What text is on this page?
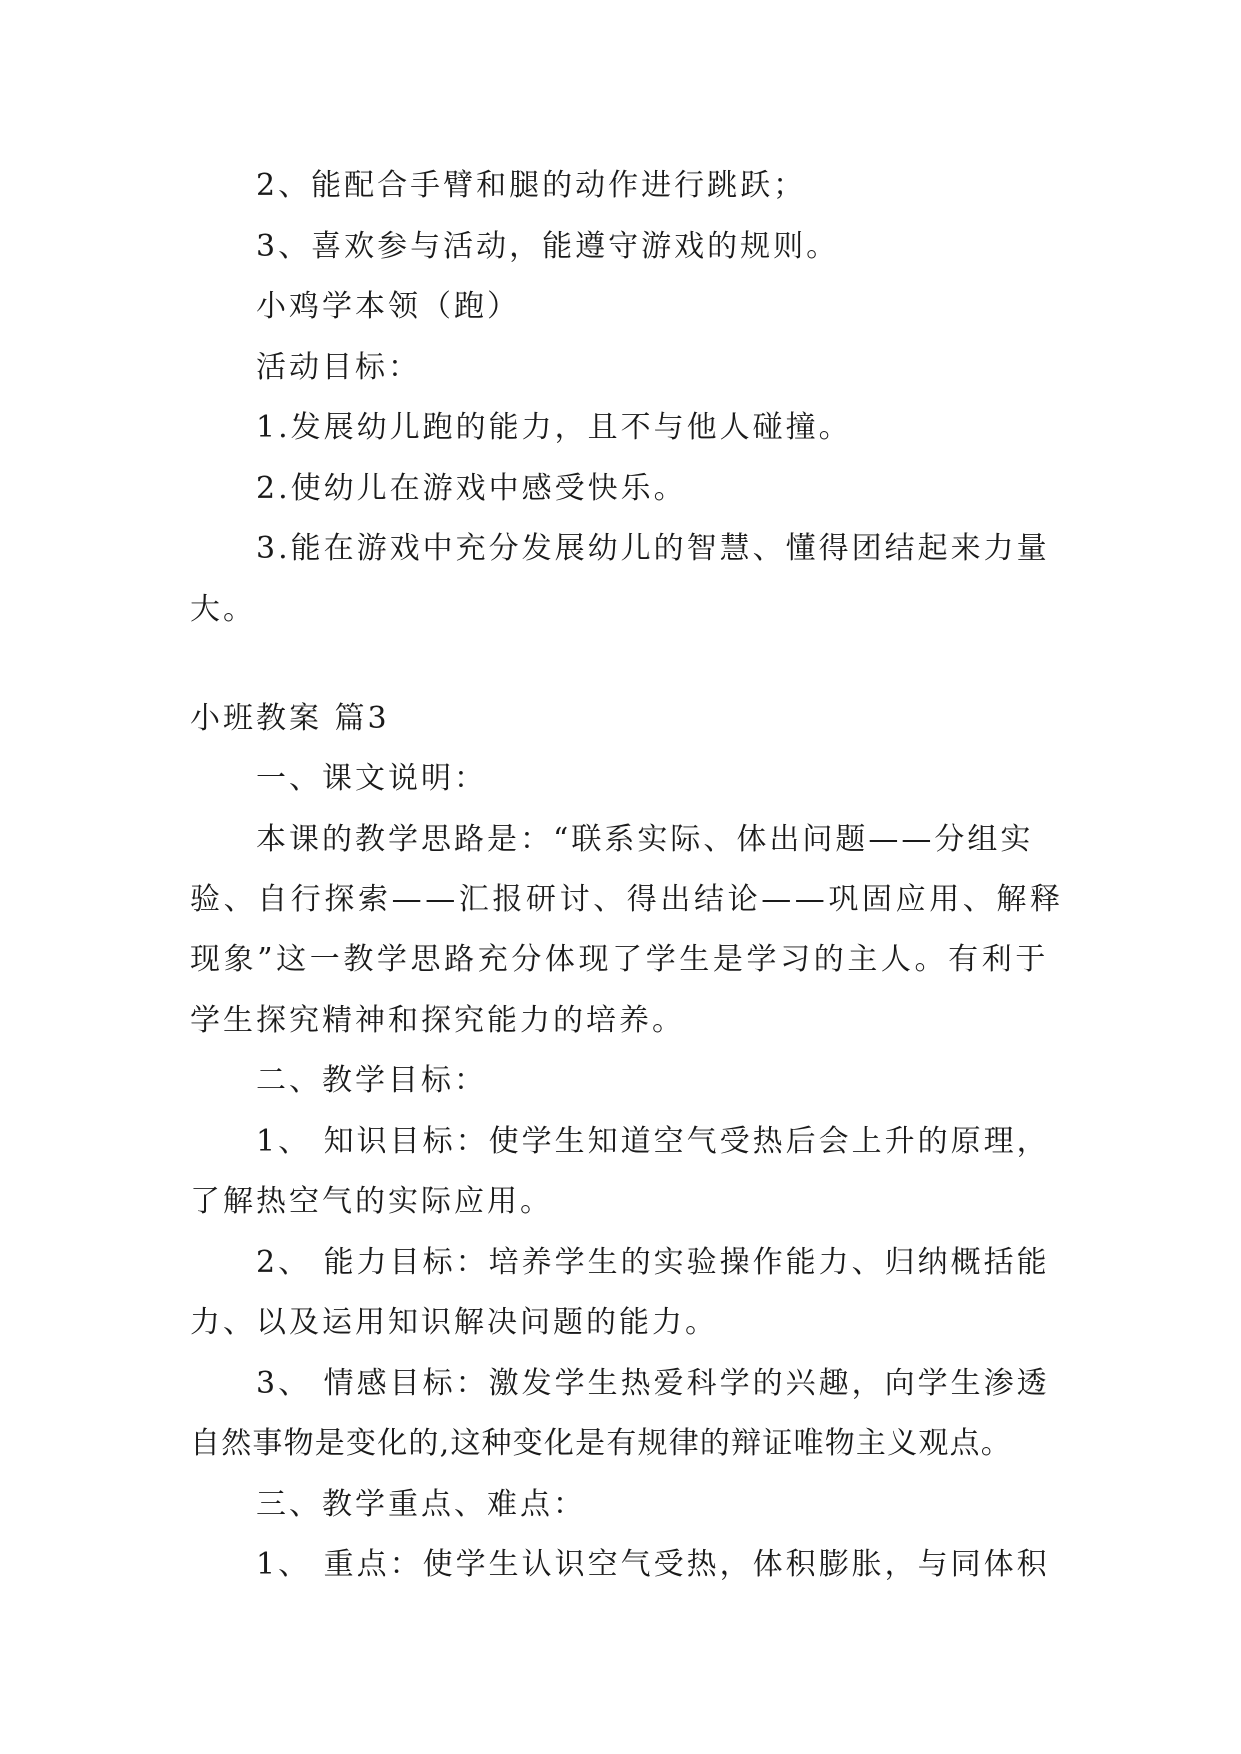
2、能配合手臂和腿的动作进行跳跃；
3、喜欢参与活动，能遵守游戏的规则。
小鸡学本领（跑）
活动目标：
1.发展幼儿跑的能力，且不与他人碰撞。
2.使幼儿在游戏中感受快乐。
3.能在游戏中充分发展幼儿的智慧、懂得团结起来力量
大。
小班教案 篇3
一、课文说明：
本课的教学思路是：“联系实际、体出问题——分组实
验、自行探索——汇报研讨、得出结论——巩固应用、解释
现象”这一教学思路充分体现了学生是学习的主人。有利于
学生探究精神和探究能力的培养。
二、教学目标：
1、 知识目标：使学生知道空气受热后会上升的原理，
了解热空气的实际应用。
2、 能力目标：培养学生的实验操作能力、归纳概括能
力、以及运用知识解决问题的能力。
3、 情感目标：激发学生热爱科学的兴趣，向学生渗透
自然事物是变化的,这种变化是有规律的辩证唯物主义观点。
三、教学重点、难点：
1、 重点：使学生认识空气受热，体积膨胀，与同体积
